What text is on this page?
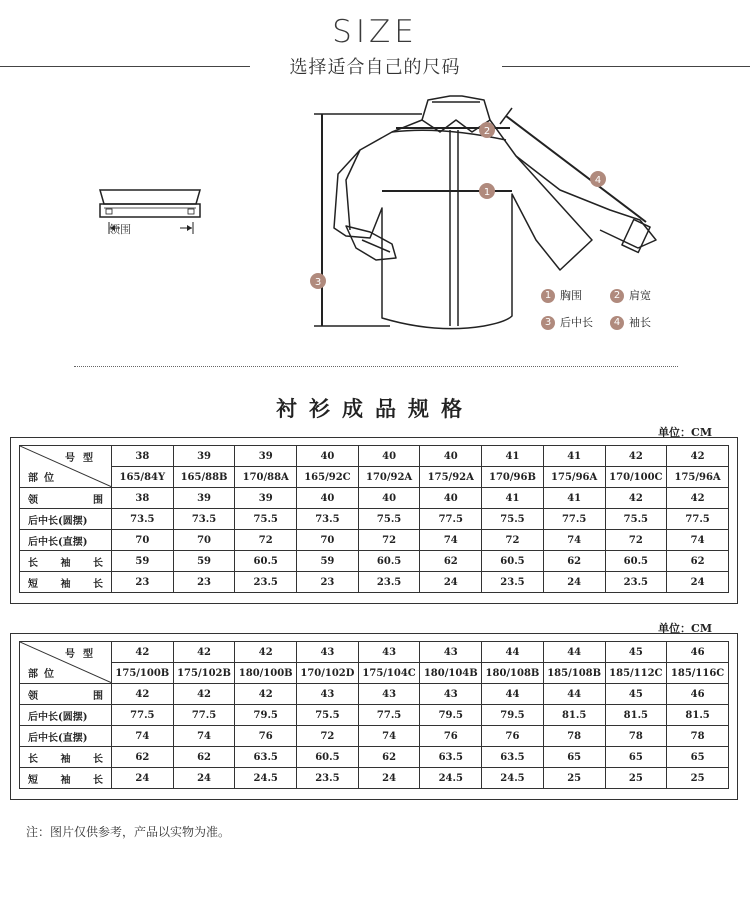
SIZE
选择适合自己的尺码
领围
2
1
3
4
1 胸围	2 肩宽
3 后中长	4 袖长
衬衫成品规格
单位：CM
号型
部位	38	39	39	40	40	40	41	41	42	42
	165/84Y	165/88B	170/88A	165/92C	170/92A	175/92A	170/96B	175/96A	170/100C	175/96A
领围	38	39	39	40	40	40	41	41	42	42
后中长(圆摆)	73.5	73.5	75.5	73.5	75.5	77.5	75.5	77.5	75.5	77.5
后中长(直摆)	70	70	72	70	72	74	72	74	72	74
长袖长	59	59	60.5	59	60.5	62	60.5	62	60.5	62
短袖长	23	23	23.5	23	23.5	24	23.5	24	23.5	24
单位：CM
号型
部位	42	42	42	43	43	43	44	44	45	46
	175/100B	175/102B	180/100B	170/102D	175/104C	180/104B	180/108B	185/108B	185/112C	185/116C
领围	42	42	42	43	43	43	44	44	45	46
后中长(圆摆)	77.5	77.5	79.5	75.5	77.5	79.5	79.5	81.5	81.5	81.5
后中长(直摆)	74	74	76	72	74	76	76	78	78	78
长袖长	62	62	63.5	60.5	62	63.5	63.5	65	65	65
短袖长	24	24	24.5	23.5	24	24.5	24.5	25	25	25
注：图片仅供参考，产品以实物为准。
